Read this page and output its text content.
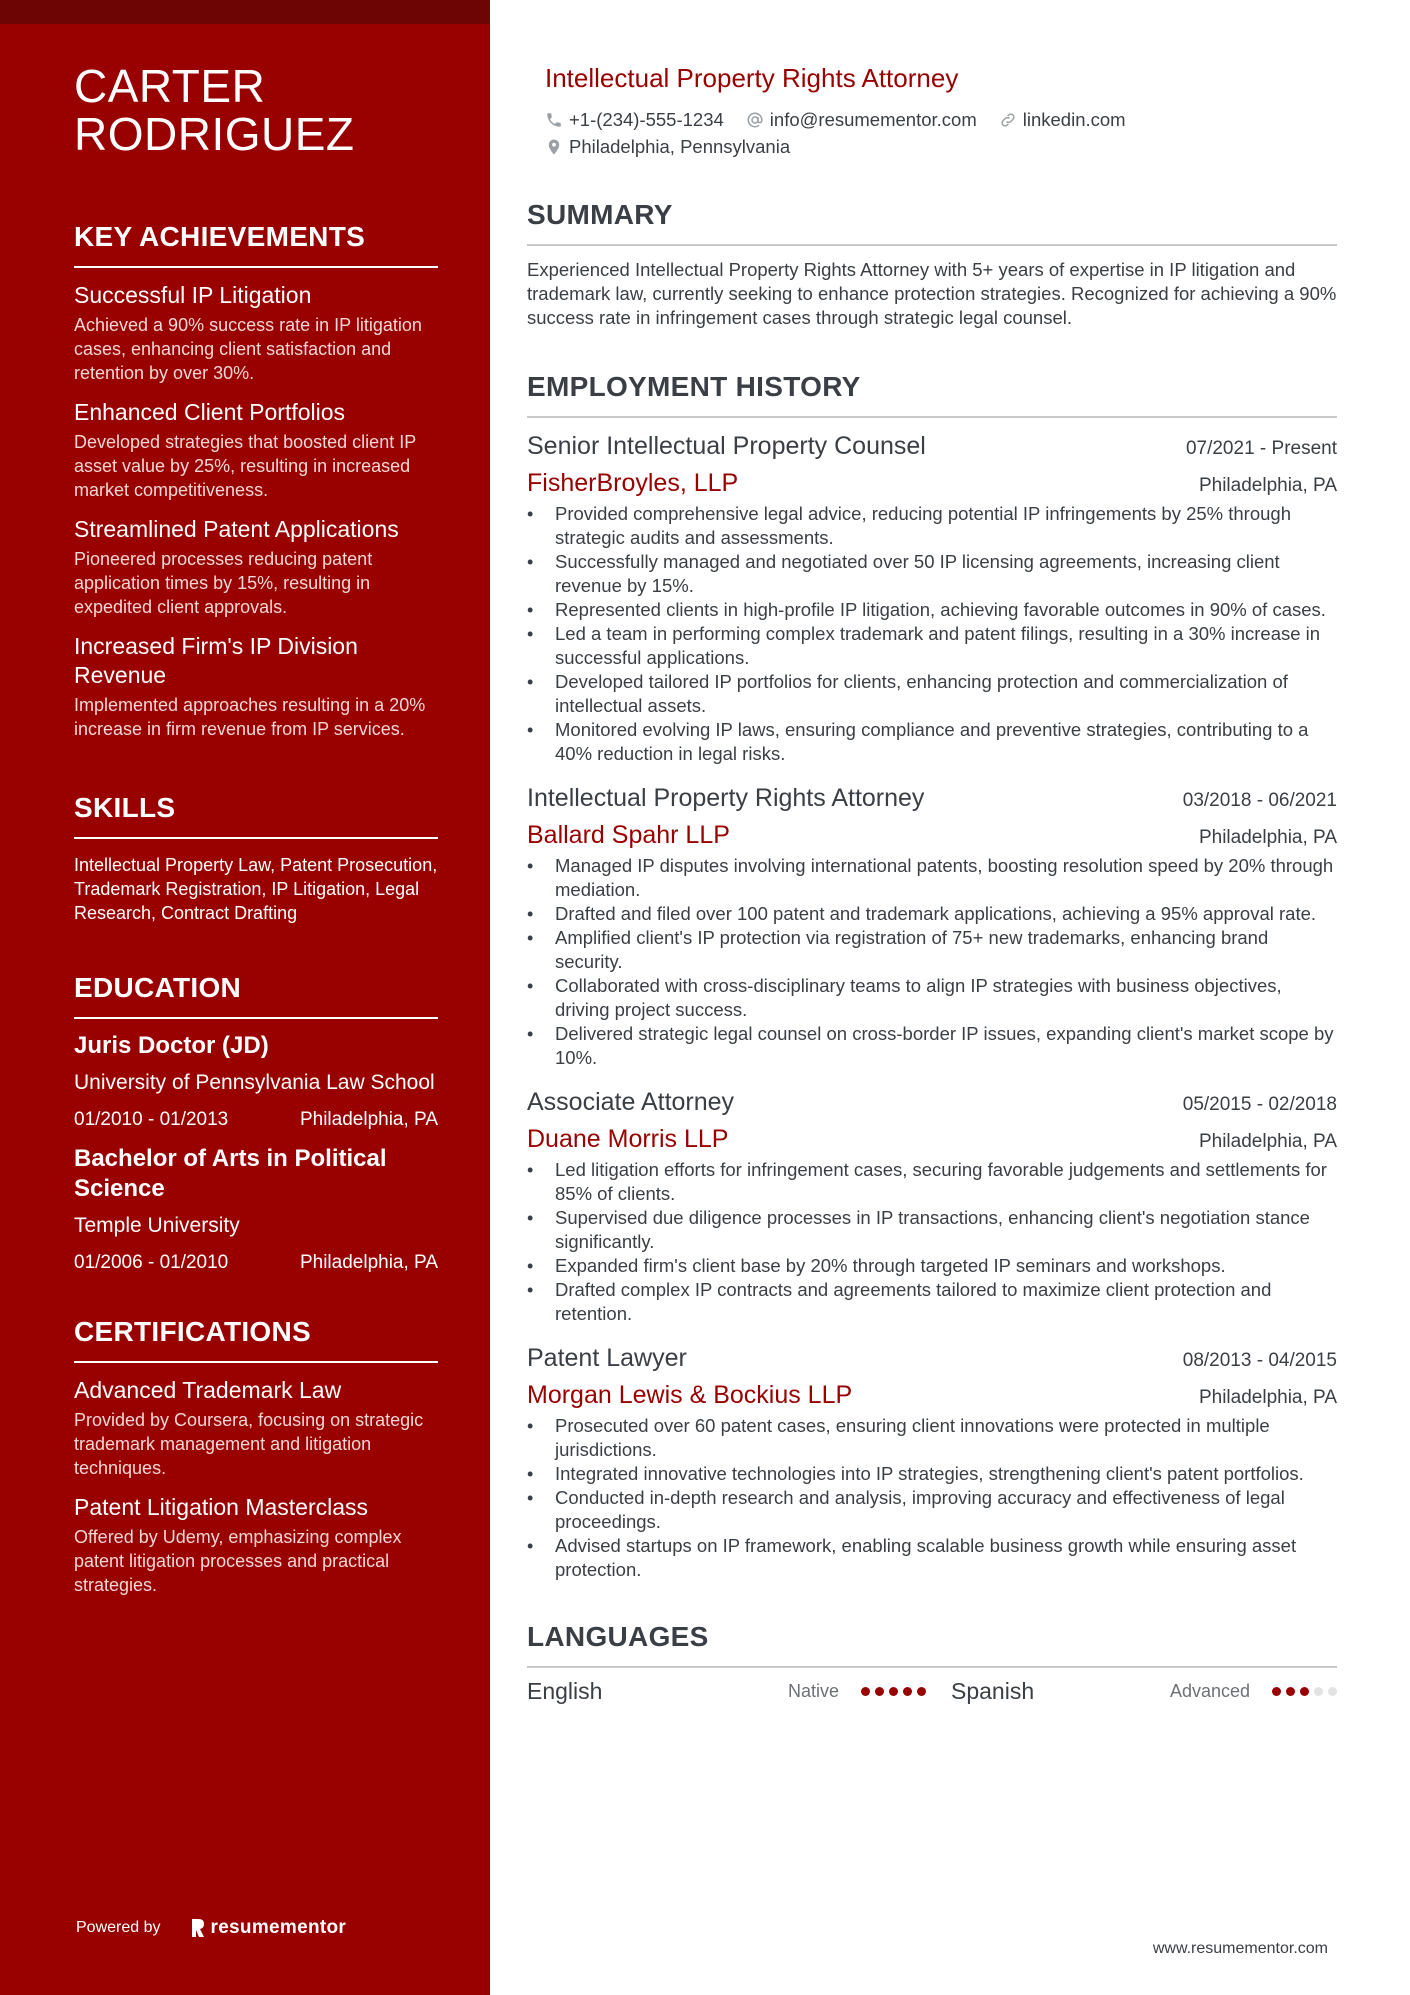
CARTER
RODRIGUEZ
KEY ACHIEVEMENTS
Successful IP Litigation
Achieved a 90% success rate in IP litigation cases, enhancing client satisfaction and retention by over 30%.
Enhanced Client Portfolios
Developed strategies that boosted client IP asset value by 25%, resulting in increased market competitiveness.
Streamlined Patent Applications
Pioneered processes reducing patent application times by 15%, resulting in expedited client approvals.
Increased Firm's IP Division Revenue
Implemented approaches resulting in a 20% increase in firm revenue from IP services.
SKILLS
Intellectual Property Law, Patent Prosecution, Trademark Registration, IP Litigation, Legal Research, Contract Drafting
EDUCATION
Juris Doctor (JD)
University of Pennsylvania Law School
01/2010 - 01/2013	Philadelphia, PA
Bachelor of Arts in Political Science
Temple University
01/2006 - 01/2010	Philadelphia, PA
CERTIFICATIONS
Advanced Trademark Law
Provided by Coursera, focusing on strategic trademark management and litigation techniques.
Patent Litigation Masterclass
Offered by Udemy, emphasizing complex patent litigation processes and practical strategies.
Powered by	resumementor
Intellectual Property Rights Attorney
+1-(234)-555-1234 info@resumementor.com linkedin.com
Philadelphia, Pennsylvania
SUMMARY

Experienced Intellectual Property Rights Attorney with 5+ years of expertise in IP litigation and trademark law, currently seeking to enhance protection strategies. Recognized for achieving a 90% success rate in infringement cases through strategic legal counsel.

EMPLOYMENT HISTORY
Senior Intellectual Property Counsel	07/2021 - Present
FisherBroyles, LLP	Philadelphia, PA
• Provided comprehensive legal advice, reducing potential IP infringements by 25% through strategic audits and assessments.
• Successfully managed and negotiated over 50 IP licensing agreements, increasing client revenue by 15%.
• Represented clients in high-profile IP litigation, achieving favorable outcomes in 90% of cases.
• Led a team in performing complex trademark and patent filings, resulting in a 30% increase in successful applications.
• Developed tailored IP portfolios for clients, enhancing protection and commercialization of intellectual assets.
• Monitored evolving IP laws, ensuring compliance and preventive strategies, contributing to a 40% reduction in legal risks.
Intellectual Property Rights Attorney	03/2018 - 06/2021
Ballard Spahr LLP	Philadelphia, PA
• Managed IP disputes involving international patents, boosting resolution speed by 20% through mediation.
• Drafted and filed over 100 patent and trademark applications, achieving a 95% approval rate.
• Amplified client's IP protection via registration of 75+ new trademarks, enhancing brand security.
• Collaborated with cross-disciplinary teams to align IP strategies with business objectives, driving project success.
• Delivered strategic legal counsel on cross-border IP issues, expanding client's market scope by 10%.
Associate Attorney	05/2015 - 02/2018
Duane Morris LLP	Philadelphia, PA
• Led litigation efforts for infringement cases, securing favorable judgements and settlements for 85% of clients.
• Supervised due diligence processes in IP transactions, enhancing client's negotiation stance significantly.
• Expanded firm's client base by 20% through targeted IP seminars and workshops.
• Drafted complex IP contracts and agreements tailored to maximize client protection and retention.
Patent Lawyer	08/2013 - 04/2015
Morgan Lewis & Bockius LLP	Philadelphia, PA
• Prosecuted over 60 patent cases, ensuring client innovations were protected in multiple jurisdictions.
• Integrated innovative technologies into IP strategies, strengthening client's patent portfolios.
• Conducted in-depth research and analysis, improving accuracy and effectiveness of legal proceedings.
• Advised startups on IP framework, enabling scalable business growth while ensuring asset protection.
LANGUAGES
English	Native	Spanish	Advanced
www.resumementor.com
